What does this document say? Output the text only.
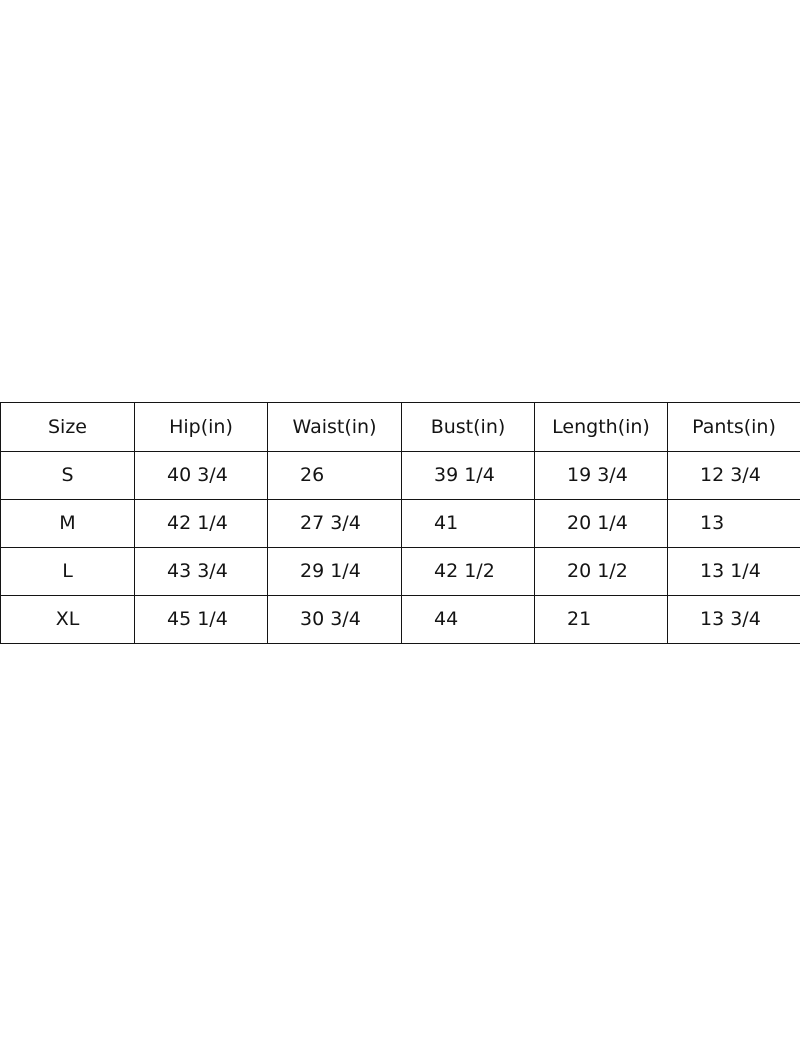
Size	Hip(in)	Waist(in)	Bust(in)	Length(in)	Pants(in)
S	40 3/4	26	39 1/4	19 3/4	12 3/4
M	42 1/4	27 3/4	41	20 1/4	13
L	43 3/4	29 1/4	42 1/2	20 1/2	13 1/4
XL	45 1/4	30 3/4	44	21	13 3/4
